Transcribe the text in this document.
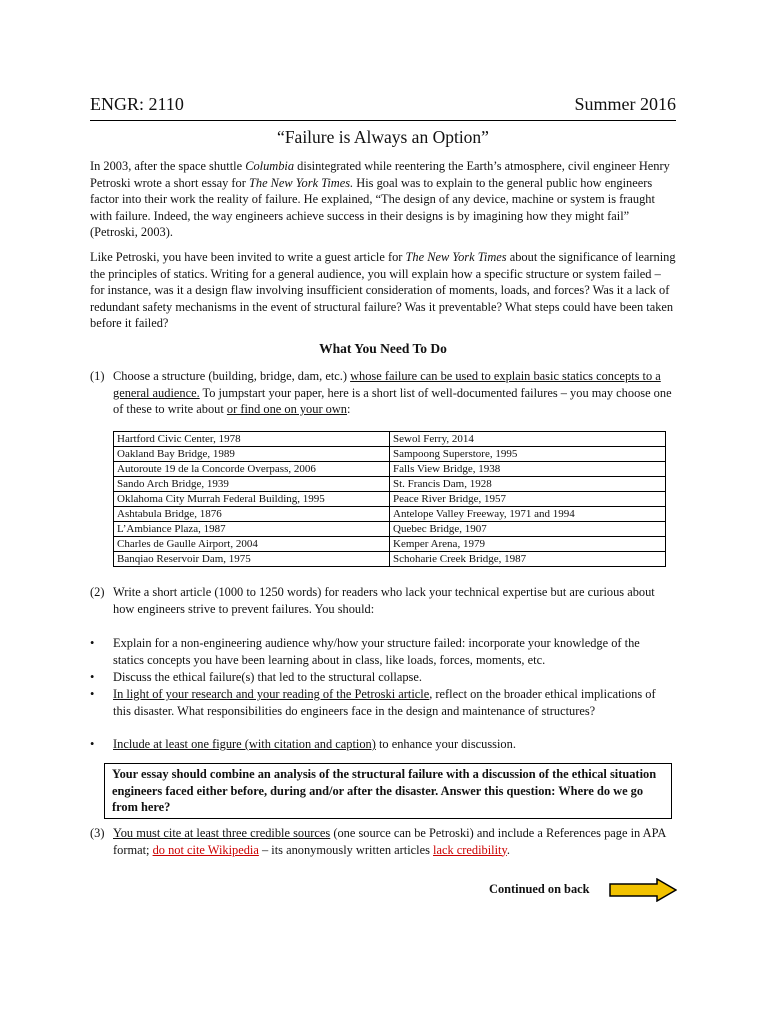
ENGR: 2110	Summer 2016
“Failure is Always an Option”

In 2003, after the space shuttle Columbia disintegrated while reentering the Earth’s atmosphere, civil engineer Henry Petroski wrote a short essay for The New York Times. His goal was to explain to the general public how engineers factor into their work the reality of failure. He explained, “The design of any device, machine or system is fraught with failure. Indeed, the way engineers achieve success in their designs is by imagining how they might fail” (Petroski, 2003).

Like Petroski, you have been invited to write a guest article for The New York Times about the significance of learning the principles of statics. Writing for a general audience, you will explain how a specific structure or system failed – for instance, was it a design flaw involving insufficient consideration of moments, loads, and forces? Was it a lack of redundant safety mechanisms in the event of structural failure? Was it preventable? What steps could have been taken before it failed?

What You Need To Do
(1) Choose a structure (building, bridge, dam, etc.) whose failure can be used to explain basic statics concepts to a general audience. To jumpstart your paper, here is a short list of well-documented failures – you may choose one of these to write about or find one on your own:
Hartford Civic Center, 1978	Sewol Ferry, 2014
Oakland Bay Bridge, 1989	Sampoong Superstore, 1995
Autoroute 19 de la Concorde Overpass, 2006	Falls View Bridge, 1938
Sando Arch Bridge, 1939	St. Francis Dam, 1928
Oklahoma City Murrah Federal Building, 1995	Peace River Bridge, 1957
Ashtabula Bridge, 1876	Antelope Valley Freeway, 1971 and 1994
L’Ambiance Plaza, 1987	Quebec Bridge, 1907
Charles de Gaulle Airport, 2004	Kemper Arena, 1979
Banqiao Reservoir Dam, 1975	Schoharie Creek Bridge, 1987
(2) Write a short article (1000 to 1250 words) for readers who lack your technical expertise but are curious about how engineers strive to prevent failures. You should:
• Explain for a non-engineering audience why/how your structure failed: incorporate your knowledge of the statics concepts you have been learning about in class, like loads, forces, moments, etc.
• Discuss the ethical failure(s) that led to the structural collapse.
• In light of your research and your reading of the Petroski article, reflect on the broader ethical implications of this disaster. What responsibilities do engineers face in the design and maintenance of structures?
• Include at least one figure (with citation and caption) to enhance your discussion.
Your essay should combine an analysis of the structural failure with a discussion of the ethical situation engineers faced either before, during and/or after the disaster. Answer this question: Where do we go from here?
(3) You must cite at least three credible sources (one source can be Petroski) and include a References page in APA format; do not cite Wikipedia – its anonymously written articles lack credibility.
Continued on back
